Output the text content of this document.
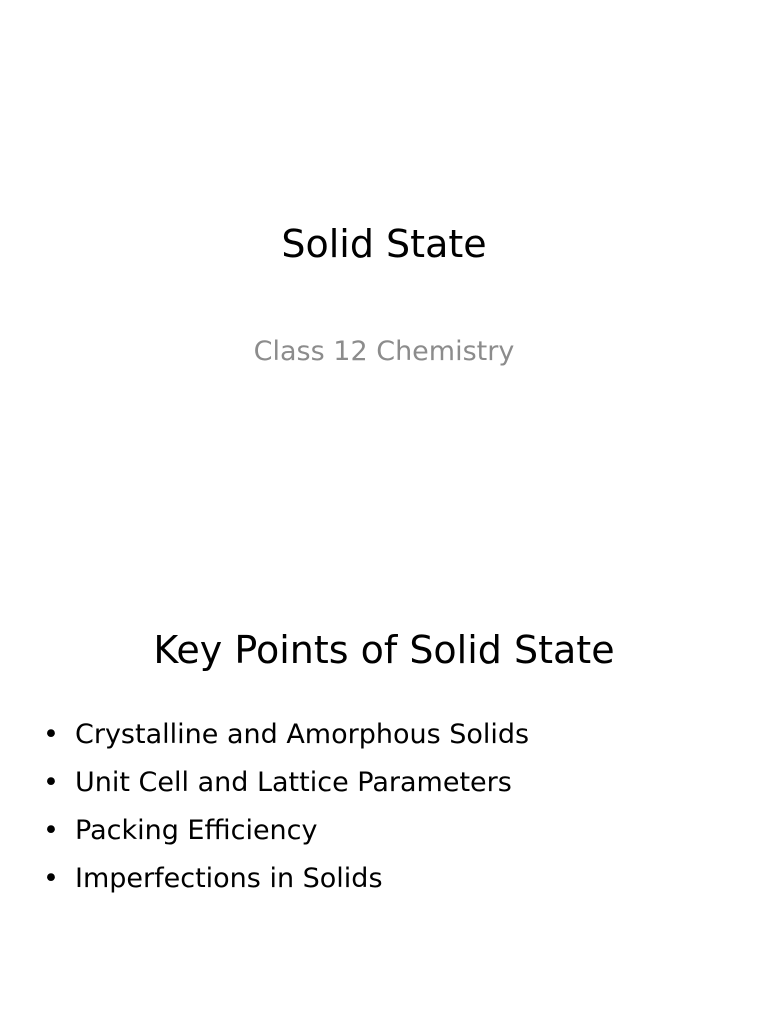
Solid State

Class 12 Chemistry

Key Points of Solid State
• Crystalline and Amorphous Solids
• Unit Cell and Lattice Parameters
• Packing Efficiency
• Imperfections in Solids
